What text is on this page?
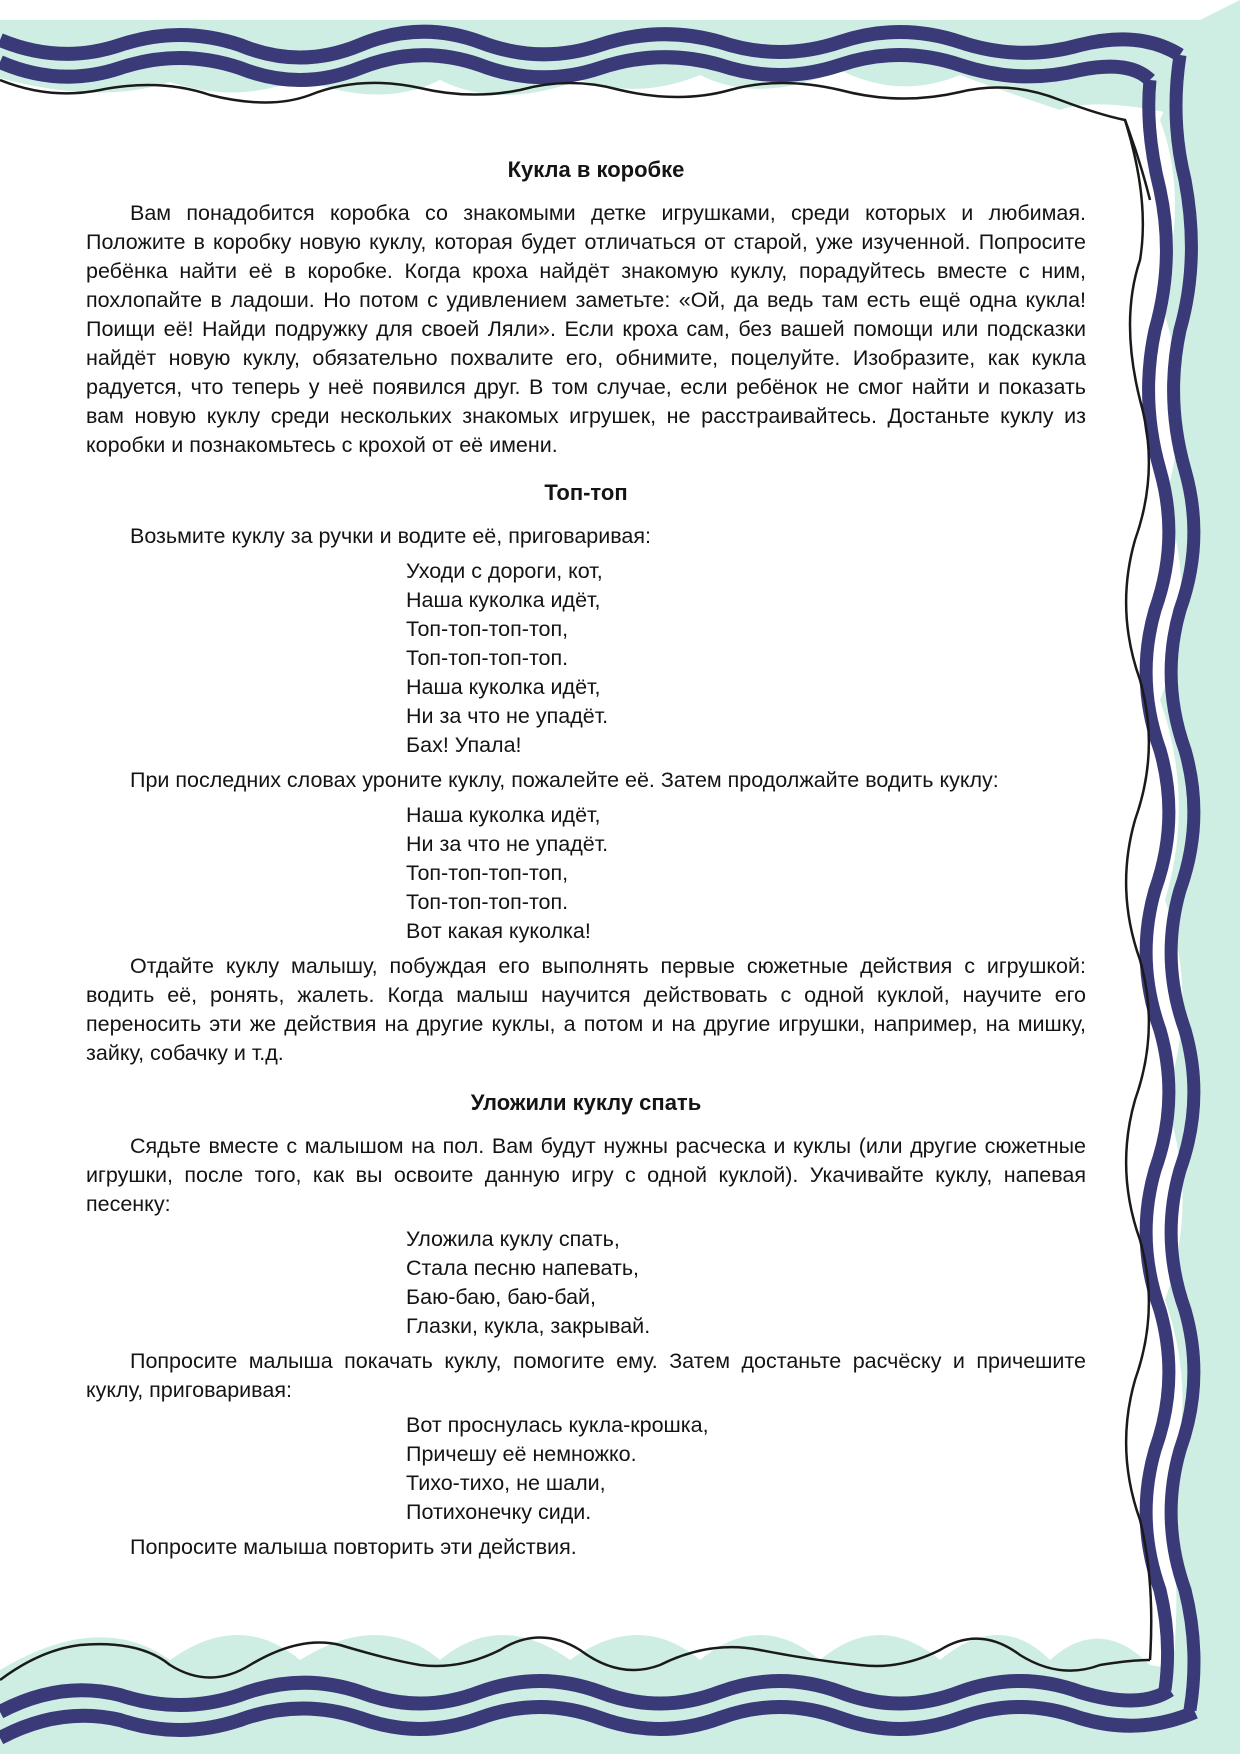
Кукла в коробке

Вам понадобится коробка со знакомыми детке игрушками, среди которых и любимая. Положите в коробку новую куклу, которая будет отличаться от старой, уже изученной. Попросите ребёнка найти её в коробке. Когда кроха найдёт знакомую куклу, порадуйтесь вместе с ним, похлопайте в ладоши. Но потом с удивлением заметьте: «Ой, да ведь там есть ещё одна кукла! Поищи её! Найди подружку для своей Ляли». Если кроха сам, без вашей помощи или подсказки найдёт новую куклу, обязательно похвалите его, обнимите, поцелуйте. Изобразите, как кукла радуется, что теперь у неё появился друг. В том случае, если ребёнок не смог найти и показать вам новую куклу среди нескольких знакомых игрушек, не расстраивайтесь. Достаньте куклу из коробки и познакомьтесь с крохой от её имени.

Топ-топ

Возьмите куклу за ручки и водите её, приговаривая:

Уходи с дороги, кот,
Наша куколка идёт,
Топ-топ-топ-топ,
Топ-топ-топ-топ.
Наша куколка идёт,
Ни за что не упадёт.
Бах! Упала!

При последних словах уроните куклу, пожалейте её. Затем продолжайте водить куклу:

Наша куколка идёт,
Ни за что не упадёт.
Топ-топ-топ-топ,
Топ-топ-топ-топ.
Вот какая куколка!

Отдайте куклу малышу, побуждая его выполнять первые сюжетные действия с игрушкой: водить её, ронять, жалеть. Когда малыш научится действовать с одной куклой, научите его переносить эти же действия на другие куклы, а потом и на другие игрушки, например, на мишку, зайку, собачку и т.д.

Уложили куклу спать

Сядьте вместе с малышом на пол. Вам будут нужны расческа и куклы (или другие сюжетные игрушки, после того, как вы освоите данную игру с одной куклой). Укачивайте куклу, напевая песенку:

Уложила куклу спать,
Стала песню напевать,
Баю-баю, баю-бай,
Глазки, кукла, закрывай.

Попросите малыша покачать куклу, помогите ему. Затем достаньте расчёску и причешите куклу, приговаривая:

Вот проснулась кукла-крошка,
Причешу её немножко.
Тихо-тихо, не шали,
Потихонечку сиди.

Попросите малыша повторить эти действия.
